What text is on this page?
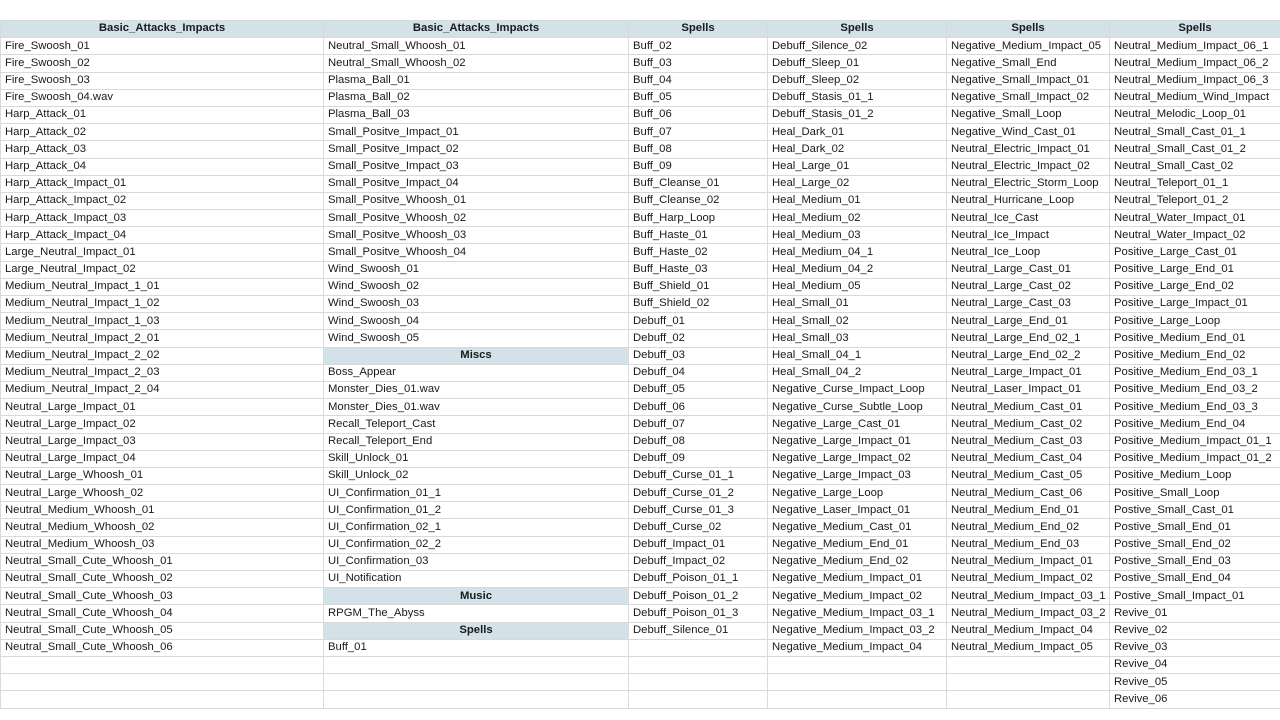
Basic_Attacks_Impacts	Basic_Attacks_Impacts	Spells	Spells	Spells	Spells
Fire_Swoosh_01	Neutral_Small_Whoosh_01	Buff_02	Debuff_Silence_02	Negative_Medium_Impact_05	Neutral_Medium_Impact_06_1
Fire_Swoosh_02	Neutral_Small_Whoosh_02	Buff_03	Debuff_Sleep_01	Negative_Small_End	Neutral_Medium_Impact_06_2
Fire_Swoosh_03	Plasma_Ball_01	Buff_04	Debuff_Sleep_02	Negative_Small_Impact_01	Neutral_Medium_Impact_06_3
Fire_Swoosh_04.wav	Plasma_Ball_02	Buff_05	Debuff_Stasis_01_1	Negative_Small_Impact_02	Neutral_Medium_Wind_Impact
Harp_Attack_01	Plasma_Ball_03	Buff_06	Debuff_Stasis_01_2	Negative_Small_Loop	Neutral_Melodic_Loop_01
Harp_Attack_02	Small_Positve_Impact_01	Buff_07	Heal_Dark_01	Negative_Wind_Cast_01	Neutral_Small_Cast_01_1
Harp_Attack_03	Small_Positve_Impact_02	Buff_08	Heal_Dark_02	Neutral_Electric_Impact_01	Neutral_Small_Cast_01_2
Harp_Attack_04	Small_Positve_Impact_03	Buff_09	Heal_Large_01	Neutral_Electric_Impact_02	Neutral_Small_Cast_02
Harp_Attack_Impact_01	Small_Positve_Impact_04	Buff_Cleanse_01	Heal_Large_02	Neutral_Electric_Storm_Loop	Neutral_Teleport_01_1
Harp_Attack_Impact_02	Small_Positve_Whoosh_01	Buff_Cleanse_02	Heal_Medium_01	Neutral_Hurricane_Loop	Neutral_Teleport_01_2
Harp_Attack_Impact_03	Small_Positve_Whoosh_02	Buff_Harp_Loop	Heal_Medium_02	Neutral_Ice_Cast	Neutral_Water_Impact_01
Harp_Attack_Impact_04	Small_Positve_Whoosh_03	Buff_Haste_01	Heal_Medium_03	Neutral_Ice_Impact	Neutral_Water_Impact_02
Large_Neutral_Impact_01	Small_Positve_Whoosh_04	Buff_Haste_02	Heal_Medium_04_1	Neutral_Ice_Loop	Positive_Large_Cast_01
Large_Neutral_Impact_02	Wind_Swoosh_01	Buff_Haste_03	Heal_Medium_04_2	Neutral_Large_Cast_01	Positive_Large_End_01
Medium_Neutral_Impact_1_01	Wind_Swoosh_02	Buff_Shield_01	Heal_Medium_05	Neutral_Large_Cast_02	Positive_Large_End_02
Medium_Neutral_Impact_1_02	Wind_Swoosh_03	Buff_Shield_02	Heal_Small_01	Neutral_Large_Cast_03	Positive_Large_Impact_01
Medium_Neutral_Impact_1_03	Wind_Swoosh_04	Debuff_01	Heal_Small_02	Neutral_Large_End_01	Positive_Large_Loop
Medium_Neutral_Impact_2_01	Wind_Swoosh_05	Debuff_02	Heal_Small_03	Neutral_Large_End_02_1	Positive_Medium_End_01
Medium_Neutral_Impact_2_02	Miscs	Debuff_03	Heal_Small_04_1	Neutral_Large_End_02_2	Positive_Medium_End_02
Medium_Neutral_Impact_2_03	Boss_Appear	Debuff_04	Heal_Small_04_2	Neutral_Large_Impact_01	Positive_Medium_End_03_1
Medium_Neutral_Impact_2_04	Monster_Dies_01.wav	Debuff_05	Negative_Curse_Impact_Loop	Neutral_Laser_Impact_01	Positive_Medium_End_03_2
Neutral_Large_Impact_01	Monster_Dies_01.wav	Debuff_06	Negative_Curse_Subtle_Loop	Neutral_Medium_Cast_01	Positive_Medium_End_03_3
Neutral_Large_Impact_02	Recall_Teleport_Cast	Debuff_07	Negative_Large_Cast_01	Neutral_Medium_Cast_02	Positive_Medium_End_04
Neutral_Large_Impact_03	Recall_Teleport_End	Debuff_08	Negative_Large_Impact_01	Neutral_Medium_Cast_03	Positive_Medium_Impact_01_1
Neutral_Large_Impact_04	Skill_Unlock_01	Debuff_09	Negative_Large_Impact_02	Neutral_Medium_Cast_04	Positive_Medium_Impact_01_2
Neutral_Large_Whoosh_01	Skill_Unlock_02	Debuff_Curse_01_1	Negative_Large_Impact_03	Neutral_Medium_Cast_05	Positive_Medium_Loop
Neutral_Large_Whoosh_02	UI_Confirmation_01_1	Debuff_Curse_01_2	Negative_Large_Loop	Neutral_Medium_Cast_06	Positive_Small_Loop
Neutral_Medium_Whoosh_01	UI_Confirmation_01_2	Debuff_Curse_01_3	Negative_Laser_Impact_01	Neutral_Medium_End_01	Postive_Small_Cast_01
Neutral_Medium_Whoosh_02	UI_Confirmation_02_1	Debuff_Curse_02	Negative_Medium_Cast_01	Neutral_Medium_End_02	Postive_Small_End_01
Neutral_Medium_Whoosh_03	UI_Confirmation_02_2	Debuff_Impact_01	Negative_Medium_End_01	Neutral_Medium_End_03	Postive_Small_End_02
Neutral_Small_Cute_Whoosh_01	UI_Confirmation_03	Debuff_Impact_02	Negative_Medium_End_02	Neutral_Medium_Impact_01	Postive_Small_End_03
Neutral_Small_Cute_Whoosh_02	UI_Notification	Debuff_Poison_01_1	Negative_Medium_Impact_01	Neutral_Medium_Impact_02	Postive_Small_End_04
Neutral_Small_Cute_Whoosh_03	Music	Debuff_Poison_01_2	Negative_Medium_Impact_02	Neutral_Medium_Impact_03_1	Postive_Small_Impact_01
Neutral_Small_Cute_Whoosh_04	RPGM_The_Abyss	Debuff_Poison_01_3	Negative_Medium_Impact_03_1	Neutral_Medium_Impact_03_2	Revive_01
Neutral_Small_Cute_Whoosh_05	Spells	Debuff_Silence_01	Negative_Medium_Impact_03_2	Neutral_Medium_Impact_04	Revive_02
Neutral_Small_Cute_Whoosh_06	Buff_01		Negative_Medium_Impact_04	Neutral_Medium_Impact_05	Revive_03
					Revive_04
					Revive_05
					Revive_06
